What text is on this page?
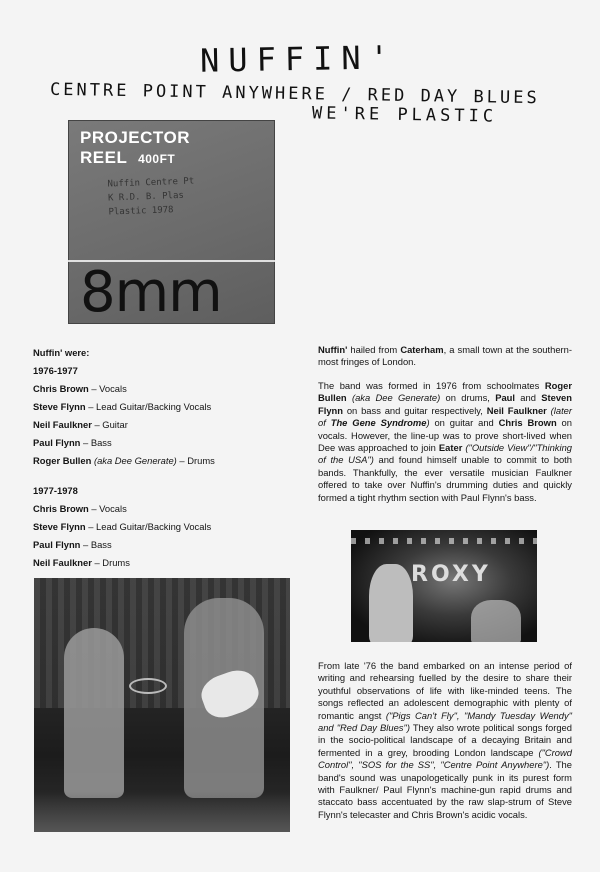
NUFFIN'
CENTRE POINT ANYWHERE / RED DAY BLUES
WE'RE PLASTIC
PROJECTOR
REEL 400FT
Nuffin Centre Pt
K R.D. B. Plas
Plastic 1978
8mm
Nuffin' were:
1976-1977
Chris Brown – Vocals
Steve Flynn – Lead Guitar/Backing Vocals
Neil Faulkner – Guitar
Paul Flynn – Bass
Roger Bullen (aka Dee Generate) – Drums
1977-1978
Chris Brown – Vocals
Steve Flynn – Lead Guitar/Backing Vocals
Paul Flynn – Bass
Neil Faulkner – Drums
Nuffin' hailed from Caterham, a small town at the southern-most fringes of London.
The band was formed in 1976 from schoolmates Roger Bullen (aka Dee Generate) on drums, Paul and Steven Flynn on bass and guitar respectively, Neil Faulkner (later of The Gene Syndrome) on guitar and Chris Brown on vocals. However, the line-up was to prove short-lived when Dee was approached to join Eater ("Outside View"/"Thinking of the USA") and found himself unable to commit to both bands. Thankfully, the ever versatile musician Faulkner offered to take over Nuffin's drumming duties and quickly formed a tight rhythm section with Paul Flynn's bass.
From late '76 the band embarked on an intense period of writing and rehearsing fuelled by the desire to share their youthful observations of life with like-minded teens. The songs reflected an adolescent demographic with plenty of romantic angst ("Pigs Can't Fly", "Mandy Tuesday Wendy" and "Red Day Blues") They also wrote political songs forged in the socio-political landscape of a decaying Britain and fermented in a grey, brooding London landscape ("Crowd Control", "SOS for the SS", "Centre Point Anywhere"). The band's sound was unapologetically punk in its purest form with Faulkner/ Paul Flynn's machine-gun rapid drums and staccato bass accentuated by the raw slap-strum of Steve Flynn's telecaster and Chris Brown's acidic vocals.
ROXY
